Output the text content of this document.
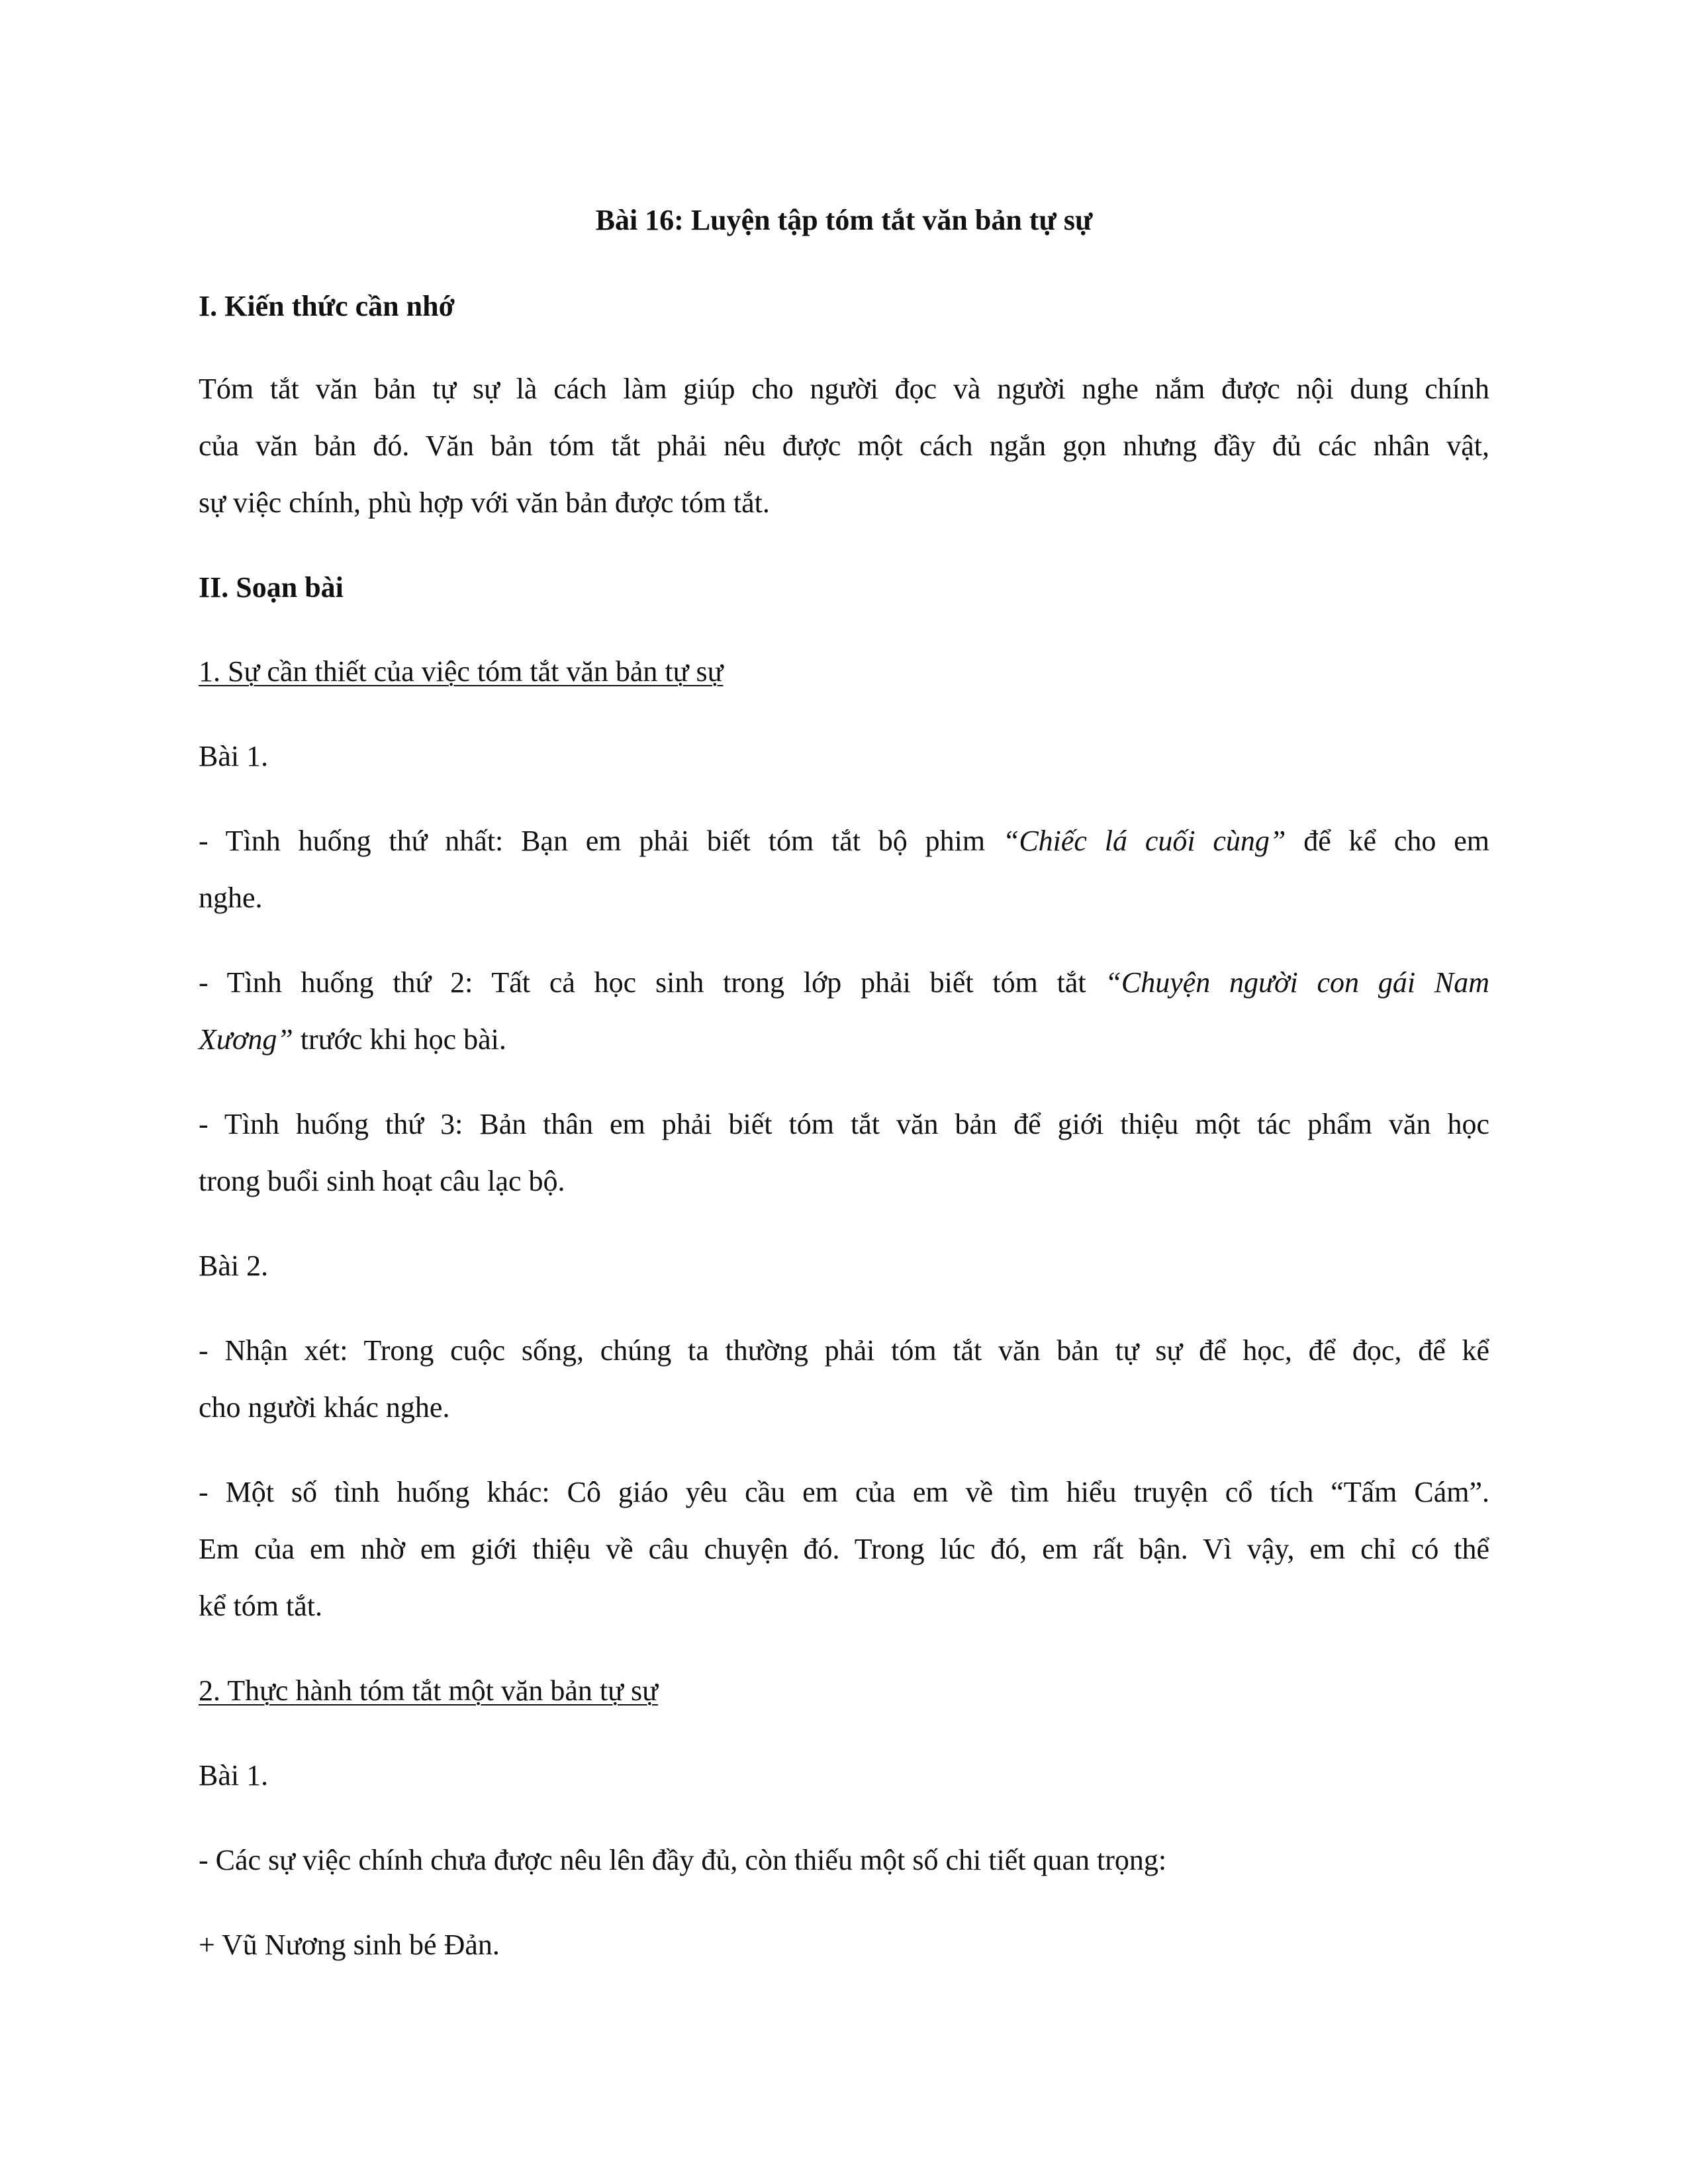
Bài 16: Luyện tập tóm tắt văn bản tự sự
I. Kiến thức cần nhớ
Tóm tắt văn bản tự sự là cách làm giúp cho người đọc và người nghe nắm được nội dung chính
của văn bản đó. Văn bản tóm tắt phải nêu được một cách ngắn gọn nhưng đầy đủ các nhân vật,
sự việc chính, phù hợp với văn bản được tóm tắt.
II. Soạn bài
1. Sự cần thiết của việc tóm tắt văn bản tự sự
Bài 1.
- Tình huống thứ nhất: Bạn em phải biết tóm tắt bộ phim “Chiếc lá cuối cùng” để kể cho em
nghe.
- Tình huống thứ 2: Tất cả học sinh trong lớp phải biết tóm tắt “Chuyện người con gái Nam
Xương” trước khi học bài.
- Tình huống thứ 3: Bản thân em phải biết tóm tắt văn bản để giới thiệu một tác phẩm văn học
trong buổi sinh hoạt câu lạc bộ.
Bài 2.
- Nhận xét: Trong cuộc sống, chúng ta thường phải tóm tắt văn bản tự sự để học, để đọc, để kể
cho người khác nghe.
- Một số tình huống khác: Cô giáo yêu cầu em của em về tìm hiểu truyện cổ tích “Tấm Cám”.
Em của em nhờ em giới thiệu về câu chuyện đó. Trong lúc đó, em rất bận. Vì vậy, em chỉ có thể
kể tóm tắt.
2. Thực hành tóm tắt một văn bản tự sự
Bài 1.
- Các sự việc chính chưa được nêu lên đầy đủ, còn thiếu một số chi tiết quan trọng:
+ Vũ Nương sinh bé Đản.
